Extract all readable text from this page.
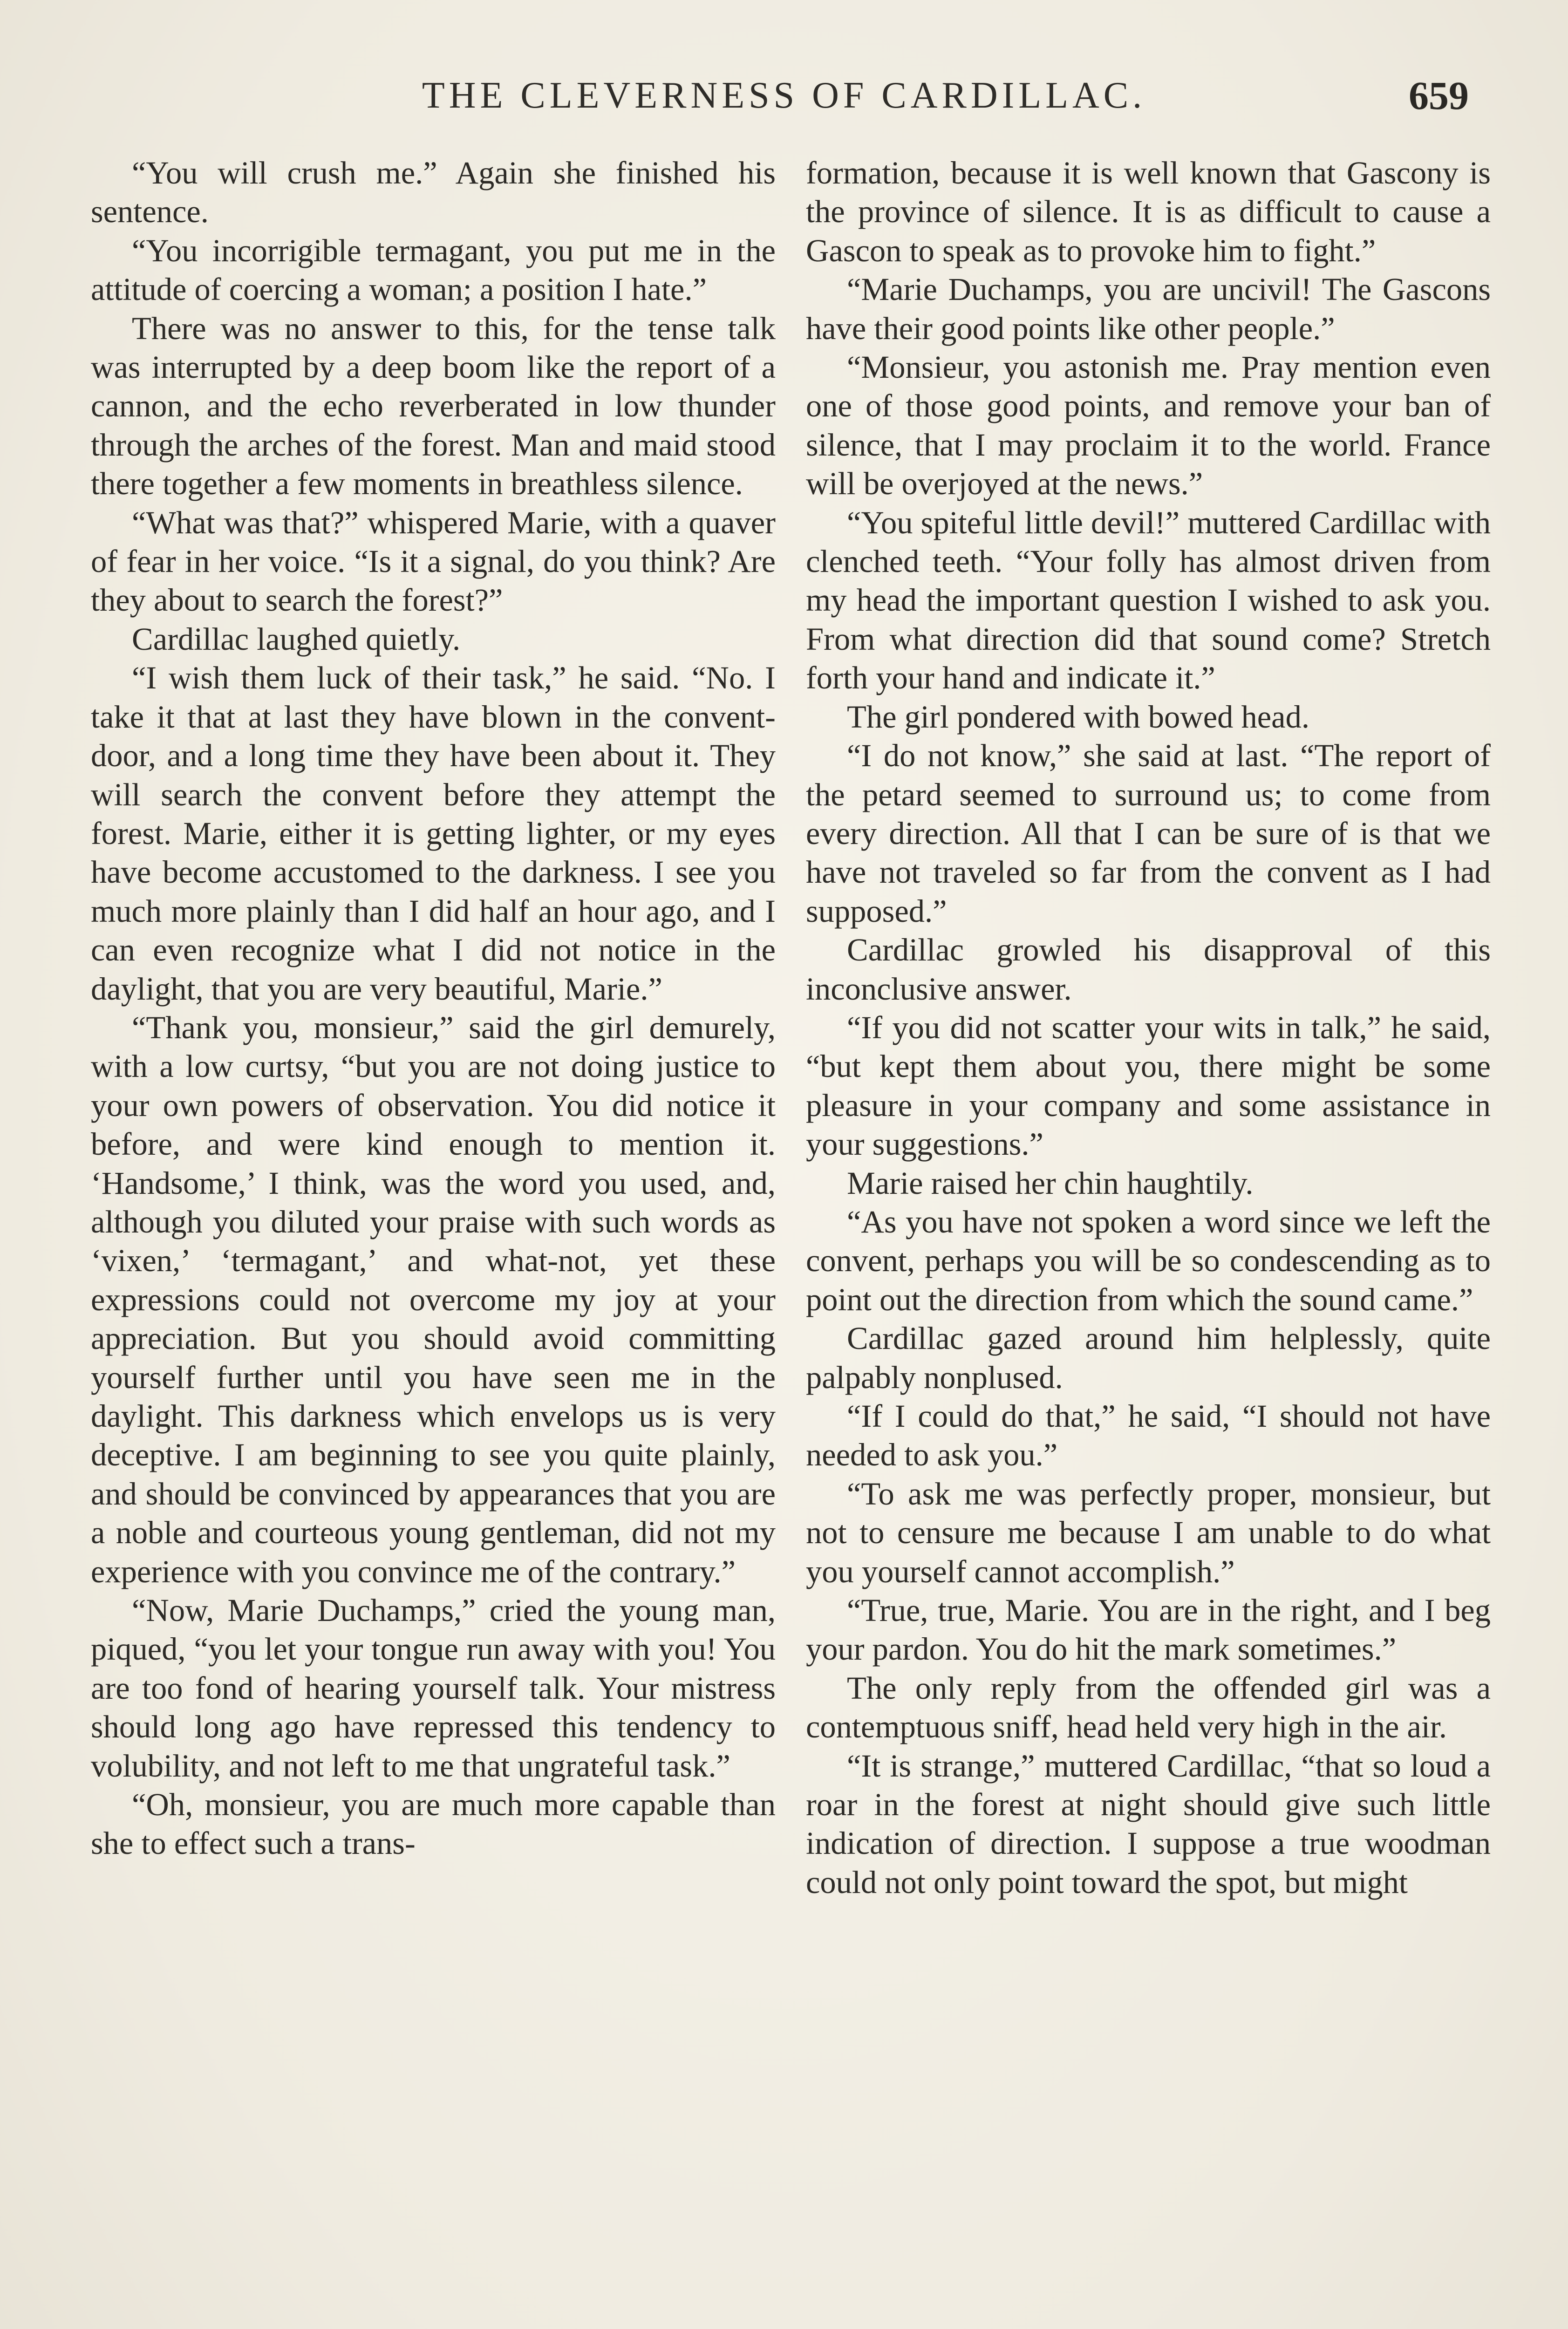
THE CLEVERNESS OF CARDILLAC.	659

“You will crush me.” Again she finished his sentence.

“You incorrigible termagant, you put me in the attitude of coercing a woman; a position I hate.”

There was no answer to this, for the tense talk was interrupted by a deep boom like the report of a cannon, and the echo reverberated in low thunder through the arches of the forest. Man and maid stood there together a few moments in breathless silence.

“What was that?” whispered Marie, with a quaver of fear in her voice. “Is it a signal, do you think? Are they about to search the forest?”

Cardillac laughed quietly.

“I wish them luck of their task,” he said. “No. I take it that at last they have blown in the convent-door, and a long time they have been about it. They will search the convent before they attempt the forest. Marie, either it is getting lighter, or my eyes have become accustomed to the darkness. I see you much more plainly than I did half an hour ago, and I can even recognize what I did not notice in the daylight, that you are very beautiful, Marie.”

“Thank you, monsieur,” said the girl demurely, with a low curtsy, “but you are not doing justice to your own powers of observation. You did notice it before, and were kind enough to mention it. ‘Handsome,’ I think, was the word you used, and, although you diluted your praise with such words as ‘vixen,’ ‘termagant,’ and what-not, yet these expressions could not overcome my joy at your appreciation. But you should avoid committing yourself further until you have seen me in the daylight. This darkness which envelops us is very deceptive. I am beginning to see you quite plainly, and should be convinced by appearances that you are a noble and courteous young gentleman, did not my experience with you convince me of the contrary.”

“Now, Marie Duchamps,” cried the young man, piqued, “you let your tongue run away with you! You are too fond of hearing yourself talk. Your mistress should long ago have repressed this tendency to volubility, and not left to me that ungrateful task.”

“Oh, monsieur, you are much more capable than she to effect such a trans-

formation, because it is well known that Gascony is the province of silence. It is as difficult to cause a Gascon to speak as to provoke him to fight.”

“Marie Duchamps, you are uncivil! The Gascons have their good points like other people.”

“Monsieur, you astonish me. Pray mention even one of those good points, and remove your ban of silence, that I may proclaim it to the world. France will be overjoyed at the news.”

“You spiteful little devil!” muttered Cardillac with clenched teeth. “Your folly has almost driven from my head the important question I wished to ask you. From what direction did that sound come? Stretch forth your hand and indicate it.”

The girl pondered with bowed head.

“I do not know,” she said at last. “The report of the petard seemed to surround us; to come from every direction. All that I can be sure of is that we have not traveled so far from the convent as I had supposed.”

Cardillac growled his disapproval of this inconclusive answer.

“If you did not scatter your wits in talk,” he said, “but kept them about you, there might be some pleasure in your company and some assistance in your suggestions.”

Marie raised her chin haughtily.

“As you have not spoken a word since we left the convent, perhaps you will be so condescending as to point out the direction from which the sound came.”

Cardillac gazed around him helplessly, quite palpably nonplused.

“If I could do that,” he said, “I should not have needed to ask you.”

“To ask me was perfectly proper, monsieur, but not to censure me because I am unable to do what you yourself cannot accomplish.”

“True, true, Marie. You are in the right, and I beg your pardon. You do hit the mark sometimes.”

The only reply from the offended girl was a contemptuous sniff, head held very high in the air.

“It is strange,” muttered Cardillac, “that so loud a roar in the forest at night should give such little indication of direction. I suppose a true woodman could not only point toward the spot, but might
